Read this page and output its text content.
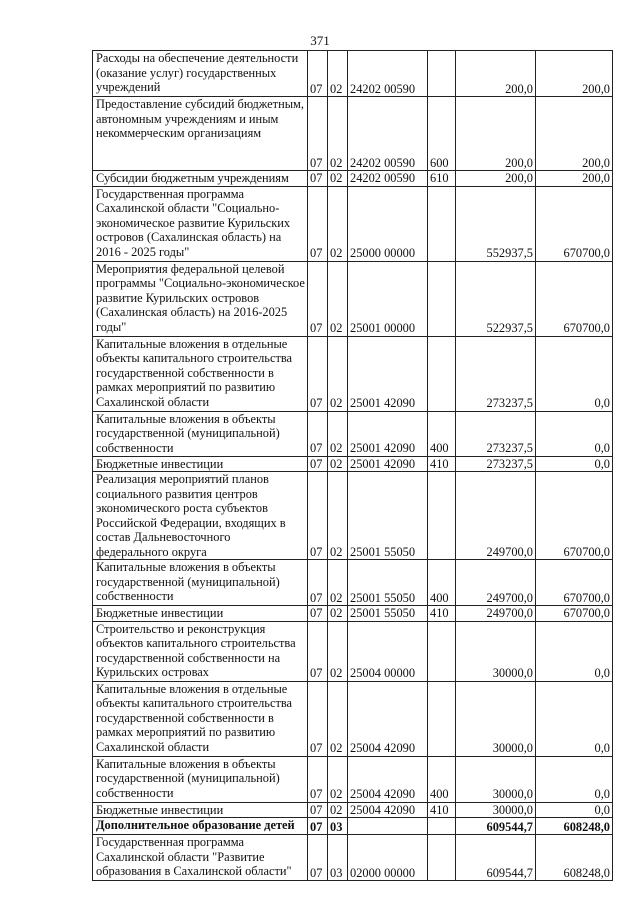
371
Расходы на обеспечение деятельности (оказание услуг) государственных учреждений	07	02	24202 00590		200,0	200,0
Предоставление субсидий бюджетным, автономным учреждениям и иным некоммерческим организациям	07	02	24202 00590	600	200,0	200,0
Субсидии бюджетным учреждениям	07	02	24202 00590	610	200,0	200,0
Государственная программа Сахалинской области "Социально-экономическое развитие Курильских островов (Сахалинская область) на 2016 - 2025 годы"	07	02	25000 00000		552937,5	670700,0
Мероприятия федеральной целевой программы "Социально-экономическое развитие Курильских островов (Сахалинская область) на 2016-2025 годы"	07	02	25001 00000		522937,5	670700,0
Капитальные вложения в отдельные объекты капитального строительства государственной собственности в рамках мероприятий по развитию Сахалинской области	07	02	25001 42090		273237,5	0,0
Капитальные вложения в объекты государственной (муниципальной) собственности	07	02	25001 42090	400	273237,5	0,0
Бюджетные инвестиции	07	02	25001 42090	410	273237,5	0,0
Реализация мероприятий планов социального развития центров экономического роста субъектов Российской Федерации, входящих в состав Дальневосточного федерального округа	07	02	25001 55050		249700,0	670700,0
Капитальные вложения в объекты государственной (муниципальной) собственности	07	02	25001 55050	400	249700,0	670700,0
Бюджетные инвестиции	07	02	25001 55050	410	249700,0	670700,0
Строительство и реконструкция объектов капитального строительства государственной собственности на Курильских островах	07	02	25004 00000		30000,0	0,0
Капитальные вложения в отдельные объекты капитального строительства государственной собственности в рамках мероприятий по развитию Сахалинской области	07	02	25004 42090		30000,0	0,0
Капитальные вложения в объекты государственной (муниципальной) собственности	07	02	25004 42090	400	30000,0	0,0
Бюджетные инвестиции	07	02	25004 42090	410	30000,0	0,0
Дополнительное образование детей	07	03			609544,7	608248,0
Государственная программа Сахалинской области "Развитие образования в Сахалинской области"	07	03	02000 00000		609544,7	608248,0
